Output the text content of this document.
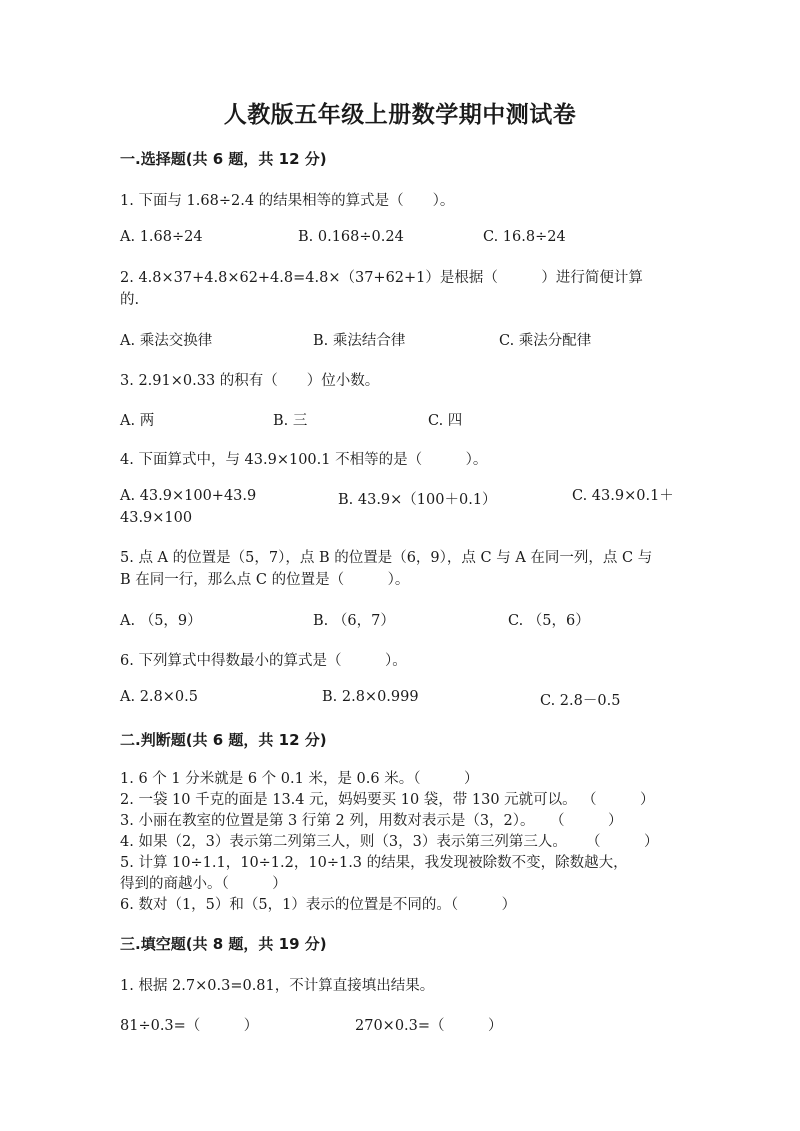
人教版五年级上册数学期中测试卷
一.选择题(共 6 题，共 12 分)
1. 下面与 1.68÷2.4 的结果相等的算式是（　　）。
A. 1.68÷24	B. 0.168÷0.24	C. 16.8÷24
2. 4.8×37+4.8×62+4.8=4.8×（37+62+1）是根据（　　　）进行简便计算的.
A. 乘法交换律	B. 乘法结合律	C. 乘法分配律
3. 2.91×0.33 的积有（　　）位小数。
A. 两	B. 三	C. 四
4. 下面算式中，与 43.9×100.1 不相等的是（　　　）。
A. 43.9×100+43.9	B. 43.9×（100＋0.1）	C. 43.9×0.1＋43.9×100
5. 点 A 的位置是（5，7），点 B 的位置是（6，9），点 C 与 A 在同一列，点 C 与 B 在同一行，那么点 C 的位置是（　　　）。
A. （5，9）	B. （6，7）	C. （5，6）
6. 下列算式中得数最小的算式是（　　　）。
A. 2.8×0.5	B. 2.8×0.999	C. 2.8－0.5
二.判断题(共 6 题，共 12 分)
1. 6 个 1 分米就是 6 个 0.1 米，是 0.6 米。（　　　）
2. 一袋 10 千克的面是 13.4 元，妈妈要买 10 袋，带 130 元就可以。 （　　　）
3. 小丽在教室的位置是第 3 行第 2 列，用数对表示是（3，2）。 （　　　）
4. 如果（2，3）表示第二列第三人，则（3，3）表示第三列第三人。 （　　　）
5. 计算 10÷1.1，10÷1.2，10÷1.3 的结果，我发现被除数不变，除数越大，
得到的商越小。（　　　）
6. 数对（1，5）和（5，1）表示的位置是不同的。（　　　）
三.填空题(共 8 题，共 19 分)
1. 根据 2.7×0.3=0.81，不计算直接填出结果。
81÷0.3=（　　　）	270×0.3=（　　　）
